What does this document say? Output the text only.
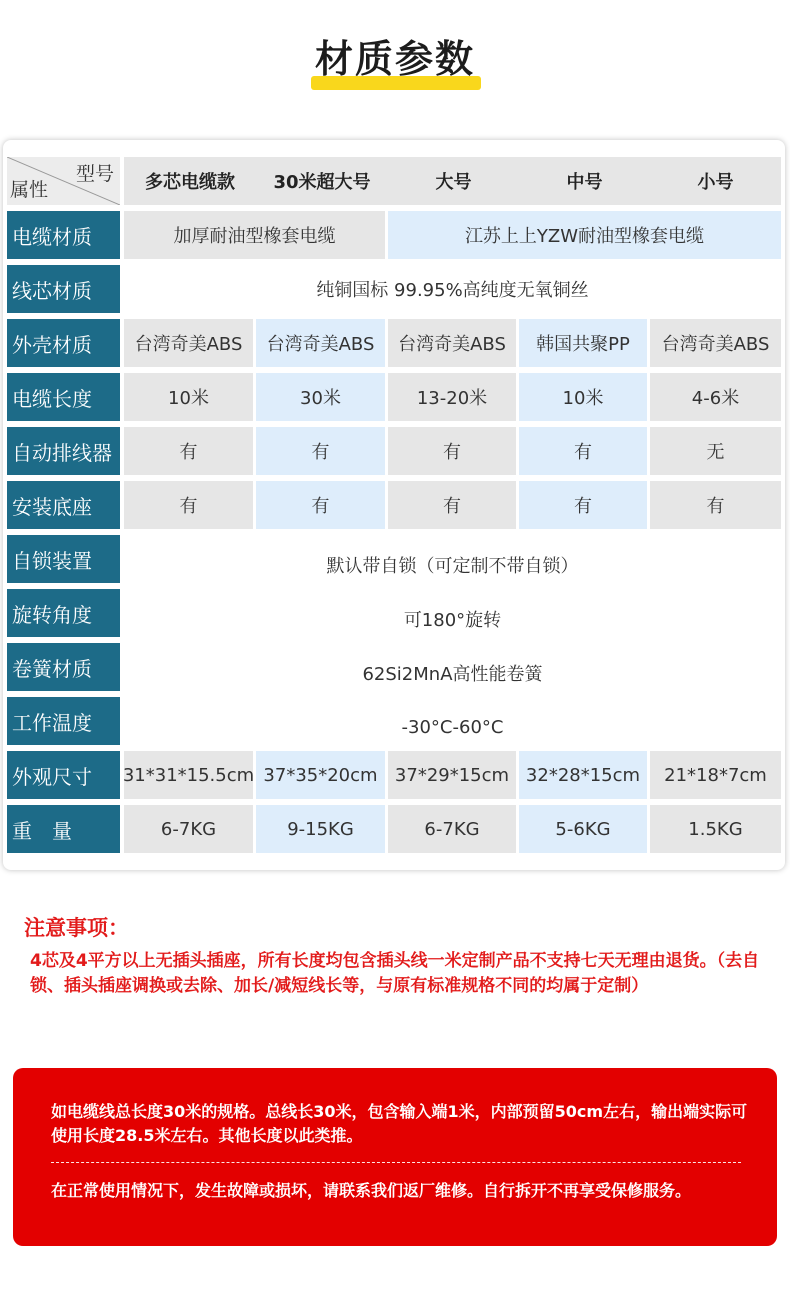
材质参数
型号
属性	多芯电缆款	30米超大号	大号	中号	小号
电缆材质	加厚耐油型橡套电缆	江苏上上YZW耐油型橡套电缆
线芯材质	纯铜国标 99.95%高纯度无氧铜丝
外壳材质	台湾奇美ABS	台湾奇美ABS	台湾奇美ABS	韩国共聚PP	台湾奇美ABS
电缆长度	10米	30米	13-20米	10米	4-6米
自动排线器	有	有	有	有	无
安装底座	有	有	有	有	有
自锁装置	默认带自锁（可定制不带自锁）
旋转角度	可180°旋转
卷簧材质	62Si2MnA高性能卷簧
工作温度	-30°C-60°C
外观尺寸	31*31*15.5cm 37*35*20cm 37*29*15cm 32*28*15cm	21*18*7cm
重　量	6-7KG	9-15KG	6-7KG	5-6KG	1.5KG
注意事项：
4芯及4平方以上无插头插座，所有长度均包含插头线一米定制产品不支持七天无理由退货。（去自锁、插头插座调换或去除、加长/减短线长等，与原有标准规格不同的均属于定制）
如电缆线总长度30米的规格。总线长30米，包含输入端1米，内部预留50cm左右，输出端实际可使用长度28.5米左右。其他长度以此类推。
在正常使用情况下，发生故障或损坏，请联系我们返厂维修。自行拆开不再享受保修服务。
